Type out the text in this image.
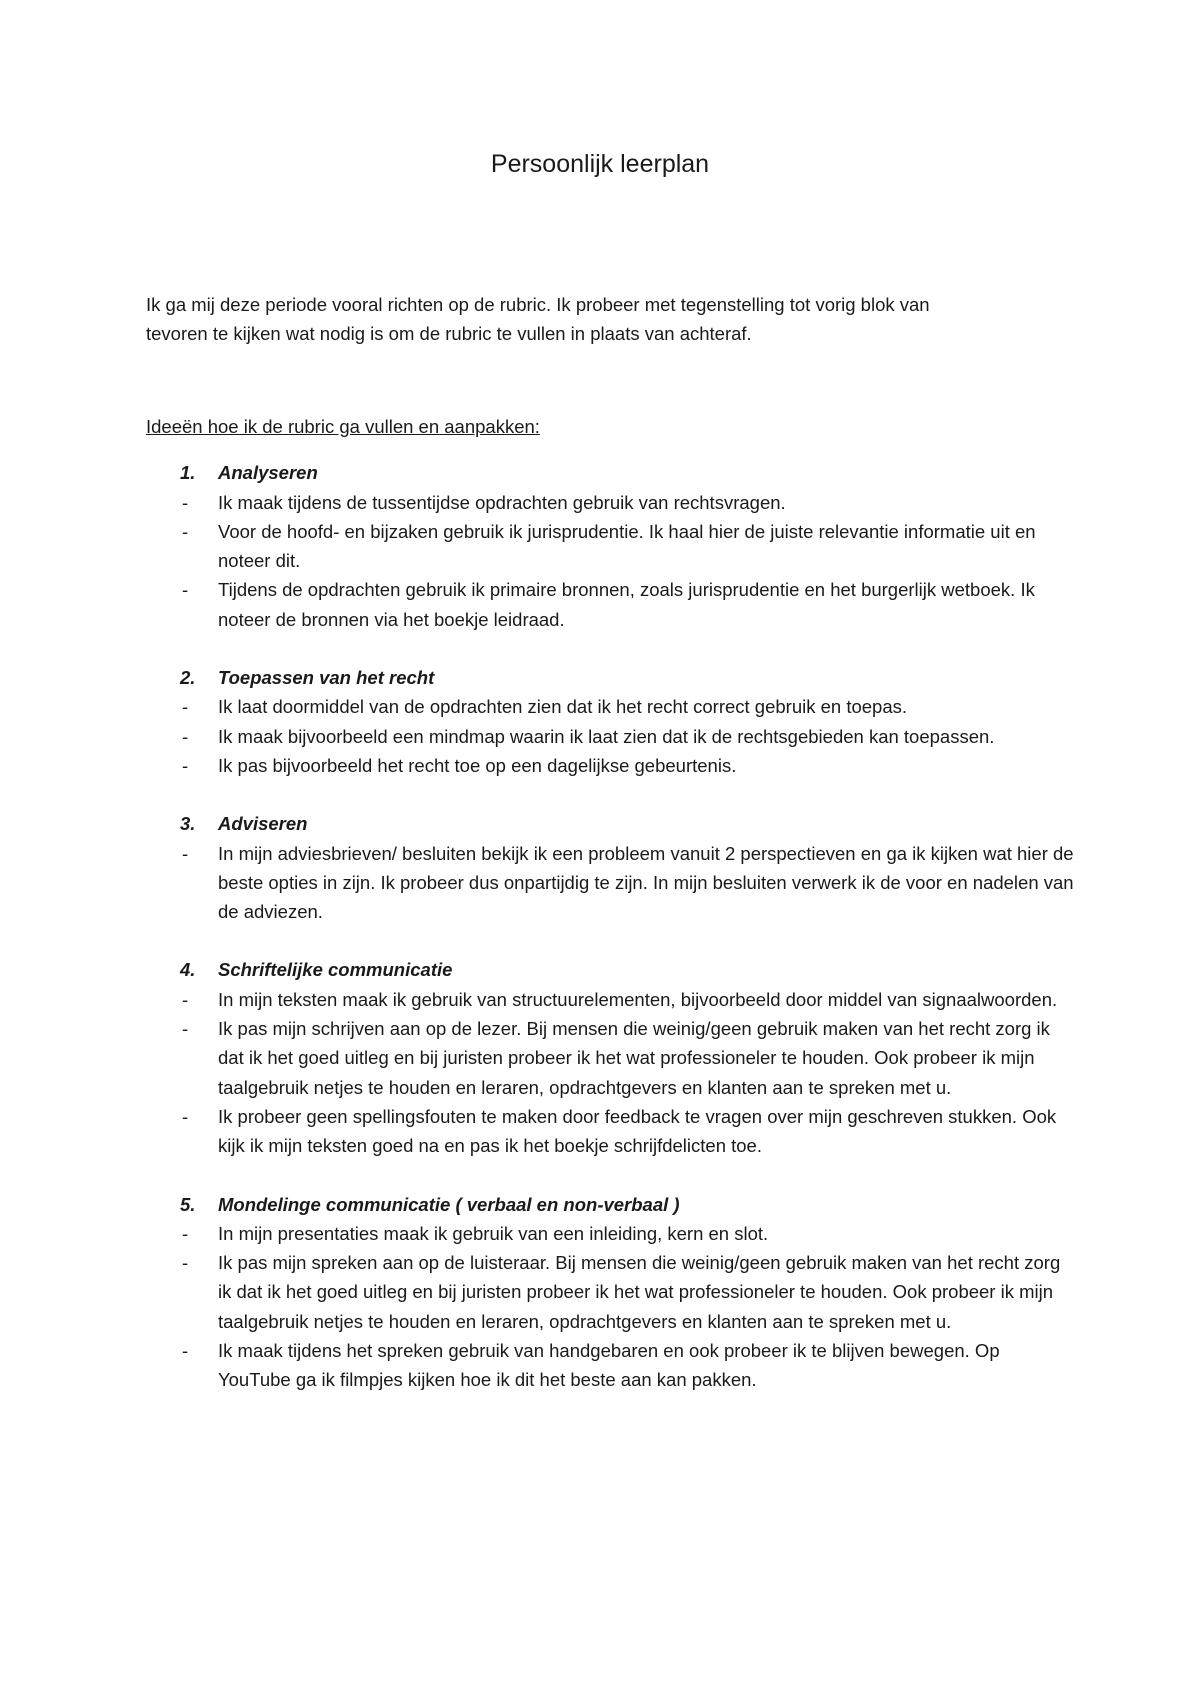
Persoonlijk leerplan

Ik ga mij deze periode vooral richten op de rubric. Ik probeer met tegenstelling tot vorig blok van

tevoren te kijken wat nodig is om de rubric te vullen in plaats van achteraf.

Ideeën hoe ik de rubric ga vullen en aanpakken:
1. Analyseren
- Ik maak tijdens de tussentijdse opdrachten gebruik van rechtsvragen.
- Voor de hoofd- en bijzaken gebruik ik jurisprudentie. Ik haal hier de juiste relevantie informatie uit en noteer dit.
- Tijdens de opdrachten gebruik ik primaire bronnen, zoals jurisprudentie en het burgerlijk wetboek. Ik noteer de bronnen via het boekje leidraad.
2. Toepassen van het recht
- Ik laat doormiddel van de opdrachten zien dat ik het recht correct gebruik en toepas.
- Ik maak bijvoorbeeld een mindmap waarin ik laat zien dat ik de rechtsgebieden kan toepassen.
- Ik pas bijvoorbeeld het recht toe op een dagelijkse gebeurtenis.
3. Adviseren
- In mijn adviesbrieven/ besluiten bekijk ik een probleem vanuit 2 perspectieven en ga ik kijken wat hier de beste opties in zijn. Ik probeer dus onpartijdig te zijn. In mijn besluiten verwerk ik de voor en nadelen van de adviezen.
4. Schriftelijke communicatie
- In mijn teksten maak ik gebruik van structuurelementen, bijvoorbeeld door middel van signaalwoorden.
- Ik pas mijn schrijven aan op de lezer. Bij mensen die weinig/geen gebruik maken van het recht zorg ik dat ik het goed uitleg en bij juristen probeer ik het wat professioneler te houden. Ook probeer ik mijn taalgebruik netjes te houden en leraren, opdrachtgevers en klanten aan te spreken met u.
- Ik probeer geen spellingsfouten te maken door feedback te vragen over mijn geschreven stukken. Ook kijk ik mijn teksten goed na en pas ik het boekje schrijfdelicten toe.
5. Mondelinge communicatie ( verbaal en non-verbaal )
- In mijn presentaties maak ik gebruik van een inleiding, kern en slot.
- Ik pas mijn spreken aan op de luisteraar. Bij mensen die weinig/geen gebruik maken van het recht zorg ik dat ik het goed uitleg en bij juristen probeer ik het wat professioneler te houden. Ook probeer ik mijn taalgebruik netjes te houden en leraren, opdrachtgevers en klanten aan te spreken met u.
- Ik maak tijdens het spreken gebruik van handgebaren en ook probeer ik te blijven bewegen. Op YouTube ga ik filmpjes kijken hoe ik dit het beste aan kan pakken.
